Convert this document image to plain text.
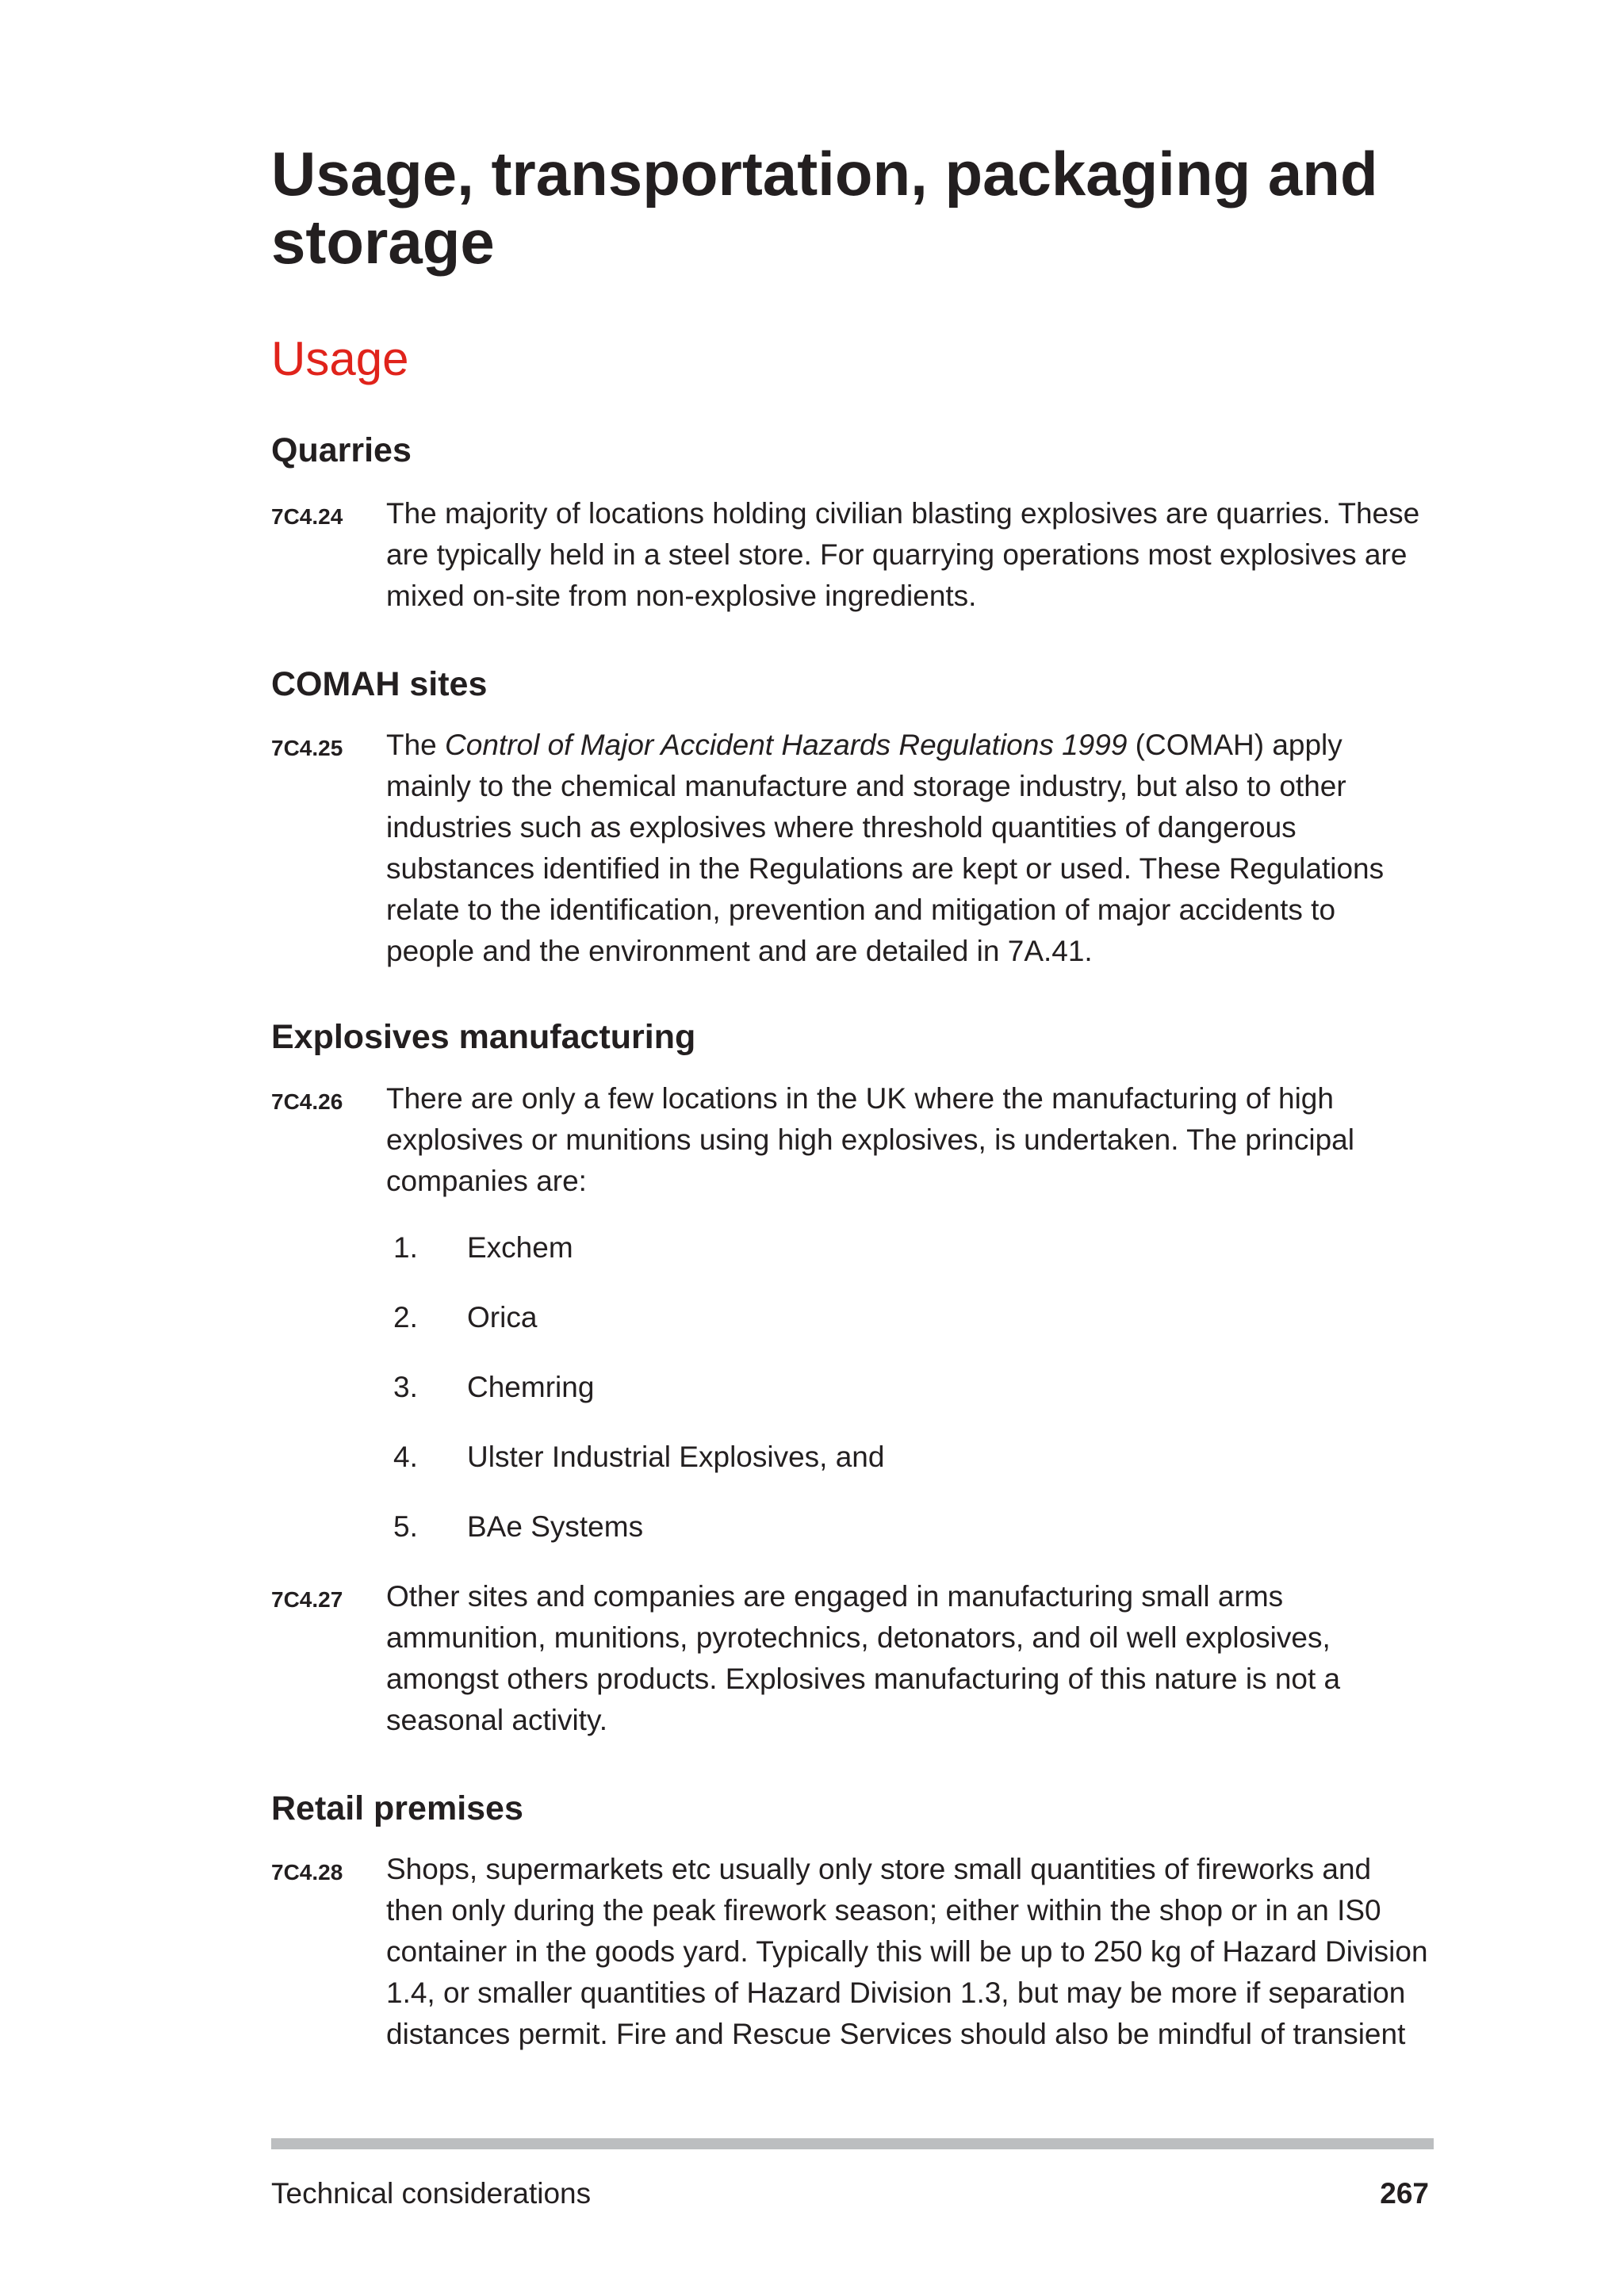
Usage, transportation, packaging and storage
Usage
Quarries
7C4.24 The majority of locations holding civilian blasting explosives are quarries. These are typically held in a steel store. For quarrying operations most explosives are mixed on-site from non-explosive ingredients.

COMAH sites
7C4.25 The Control of Major Accident Hazards Regulations 1999 (COMAH) apply mainly to the chemical manufacture and storage industry, but also to other industries such as explosives where threshold quantities of dangerous substances identified in the Regulations are kept or used. These Regulations relate to the identification, prevention and mitigation of major accidents to people and the environment and are detailed in 7A.41.

Explosives manufacturing
7C4.26 There are only a few locations in the UK where the manufacturing of high explosives or munitions using high explosives, is undertaken. The principal companies are:

1. Exchem
2. Orica
3. Chemring
4. Ulster Industrial Explosives, and
5. BAe Systems
7C4.27 Other sites and companies are engaged in manufacturing small arms ammunition, munitions, pyrotechnics, detonators, and oil well explosives, amongst others products. Explosives manufacturing of this nature is not a seasonal activity.

Retail premises
7C4.28 Shops, supermarkets etc usually only store small quantities of fireworks and then only during the peak firework season; either within the shop or in an IS0 container in the goods yard. Typically this will be up to 250 kg of Hazard Division 1.4, or smaller quantities of Hazard Division 1.3, but may be more if separation distances permit. Fire and Rescue Services should also be mindful of transient

Technical considerations	267
